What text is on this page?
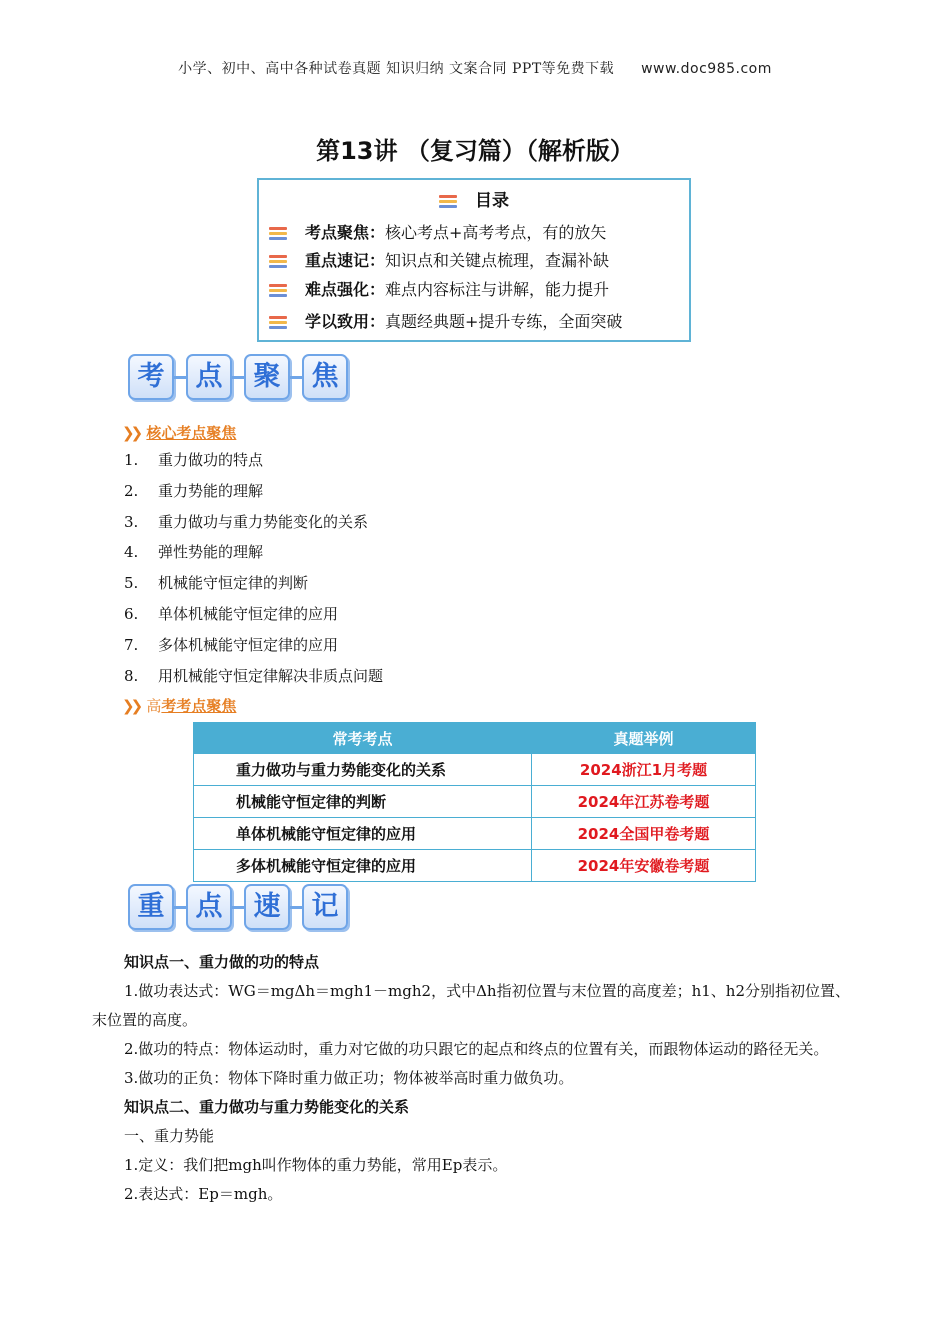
小学、初中、高中各种试卷真题 知识归纳 文案合同 PPT等免费下载 www.doc985.com
第13讲 （复习篇）（解析版）
目录
考点聚焦：核心考点+高考考点，有的放矢
重点速记：知识点和关键点梳理，查漏补缺
难点强化：难点内容标注与讲解，能力提升
学以致用：真题经典题+提升专练，全面突破
考	点	聚	焦
❯❯ 核心考点聚焦
1. 重力做功的特点
2. 重力势能的理解
3. 重力做功与重力势能变化的关系
4. 弹性势能的理解
5. 机械能守恒定律的判断
6. 单体机械能守恒定律的应用
7. 多体机械能守恒定律的应用
8. 用机械能守恒定律解决非质点问题
❯❯ 高考考点聚焦
常考考点	真题举例
重力做功与重力势能变化的关系	2024浙江1月考题
机械能守恒定律的判断	2024年江苏卷考题
单体机械能守恒定律的应用	2024全国甲卷考题
多体机械能守恒定律的应用	2024年安徽卷考题
重	点	速	记

知识点一、重力做的功的特点

1.做功表达式：WG＝mgΔh＝mgh1－mgh2，式中Δh指初位置与末位置的高度差；h1、h2分别指初位置、末位置的高度。

2.做功的特点：物体运动时，重力对它做的功只跟它的起点和终点的位置有关，而跟物体运动的路径无关。

3.做功的正负：物体下降时重力做正功；物体被举高时重力做负功。

知识点二、重力做功与重力势能变化的关系

一、重力势能

1.定义：我们把mgh叫作物体的重力势能，常用Ep表示。

2.表达式：Ep＝mgh。
